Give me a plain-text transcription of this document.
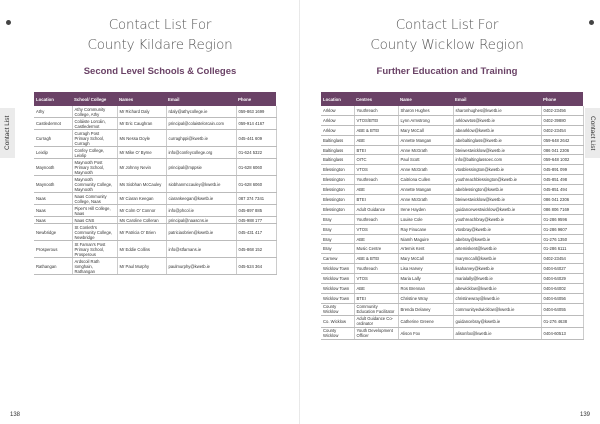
Contact List
Contact List For
County Kildare Region
Second Level Schools & Colleges
Location	School/ College	Names	Email	Phone
Athy	Athy Community College, Athy	Mr Richard Daly	rdaly@athycollege.ie	059-863 1699
Castledermot	Coláiste Lorcáin, Castledermot	Mr Eric Caughran	principal@colaistelorcain.com	059-914 4167
Curragh	Curragh Post Primary School, Curragh	Ms Nessa Doyle	curraghppi@kwetb.ie	045-441 609
Leixlip	Confey College, Leixlip	Mr Mike O' Byrne	info@confeycollege.org	01-624 5322
Maynooth	Maynooth Post Primary School, Maynooth	Mr Johnny Nevin	principal@mppsie	01-628 6060
Maynooth	Maynooth Community College, Maynooth	Ms Siobhan McCauley	siobhanmccauley@kwetb.ie	01-628 6060
Naas	Naas Community College, Naas	Mr Ciaran Keegan	ciarankeegan@kwetb.ie	087 374 7341
Naas	Piper's Hill College, Naas	Mr Colm O' Connor	info@phcol.ie	045-897 885
Naas	Naas CNS	Ms Caroline Colleran	principal@naascns.ie	045-988 177
Newbridge	St Conleth's Community College, Newbridge	Mr Patricia O' Brien	patriciaobrien@kwetb.ie	045-431 417
Prosperous	St Farnan's Post Primary School, Prosperous	Mr Eddie Collins	info@stfarnans.ie	045-868 152
Rathangan	Ardscoil Rath Iomghain, Rathangan	Mr Paul Murphy	paulmurphy@kwetb.ie	045-524 364
138
Contact List
Contact List For
County Wicklow Region
Further Education and Training
Location	Centres	Name	Email	Phone
Arklow	Youthreach	Sharon Hughes	sharonhughes@kwetb.ie	0402-23456
Arklow	VTOS/BTEI	Lynn Armstrong	arklowvtos@kwetb.ie	0402-39880
Arklow	ABE & BTEI	Mary McCall	abearklow@kwetb.ie	0402-23454
Baltinglass	ABE	Annette Mangan	abebaltinglass@kwetb.ie	059-648 2642
Baltinglass	BTEI	Anne McGrath	bteiwestwicklow@kwetb.ie	086 041 2306
Baltinglass	OITC	Paul Scott	info@baltinglassoec.com	059-648 1002
Blessington	VTOS	Anne McGrath	vtosblessington@kwetb.ie	045-891 099
Blessington	Youthreach	Caitriona Cullen	youthreachblessington@kwetb.ie	045-851 498
Blessington	ABE	Annette Mangan	abeblessington@kwetb.ie	045-851 494
Blessington	BTEI	Anne McGrath	bteiwestwicklow@kwetb.ie	086 041 2306
Blessington	Adult Guidance	Irene Hayden	guidancewestwicklow@kwetb.ie	086 806 7169
Bray	Youthreach	Louise Cole	youthreachbray@kwetb.ie	01-286 9596
Bray	VTOS	Ray Finucane	vtosbray@kwetb.ie	01-286 9607
Bray	ABE	Niamh Maguire	abebray@kwetb.ie	01-276 1350
Bray	Music Centre	Artemis Kent	artemiskent@kwetb.ie	01-286 6111
Carnew	ABE & BTEI	Mary McCall	marymccall@kwetb.ie	0402-23454
Wicklow Town	Youthreach	Lisa Harvey	lisaharvey@kwetb.ie	0404-64027
Wicklow Town	VTOS	Maria Lally	marialally@kwetb.ie	0404-64029
Wicklow Town	ABE	Ros Brennan	abewicklow@kwetb.ie	0404-64002
Wicklow Town	BTEI	Christine Wray	christinewray@kwetb.ie	0404-64056
County Wicklow	Community Education Facilitator	Brenda Delaney	communityedwicklow@kwetb.ie	0404-64055
Co. Wicklow	Adult Guidance Co-ordinator	Catherine Greene	guidancebray@kwetb.ie	01-276 4638
County Wicklow	Youth Development Officer	Alison Fox	alisonfox@kwetb.ie	0404-60513
139
